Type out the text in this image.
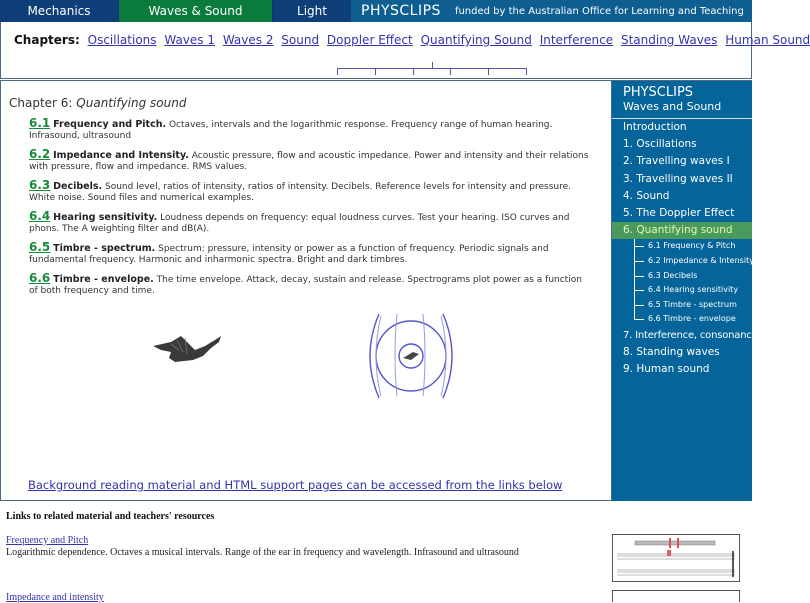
Mechanics	Waves & Sound	Light	PHYSCLIPS funded by the Australian Office for Learning and Teaching
Chapters: Oscillations Waves 1 Waves 2 Sound Doppler Effect Quantifying Sound Interference Standing Waves Human Sound
Chapter 6: Quantifying sound
6.1 Frequency and Pitch. Octaves, intervals and the logarithmic response. Frequency range of human hearing. Infrasound, ultrasound
6.2 Impedance and Intensity. Acoustic pressure, flow and acoustic impedance. Power and intensity and their relations with pressure, flow and impedance. RMS values.
6.3 Decibels. Sound level, ratios of intensity, ratios of intensity. Decibels. Reference levels for intensity and pressure. White noise. Sound files and numerical examples.
6.4 Hearing sensitivity. Loudness depends on frequency: equal loudness curves. Test your hearing. ISO curves and phons. The A weighting filter and dB(A).
6.5 Timbre - spectrum. Spectrum: pressure, intensity or power as a function of frequency. Periodic signals and fundamental frequency. Harmonic and inharmonic spectra. Bright and dark timbres.
6.6 Timbre - envelope. The time envelope. Attack, decay, sustain and release. Spectrograms plot power as a function of both frequency and time.
Background reading material and HTML support pages can be accessed from the links below
PHYSCLIPS
Waves and Sound
Introduction
1. Oscillations
2. Travelling waves I
3. Travelling waves II
4. Sound
5. The Doppler Effect
6. Quantifying sound
6.1 Frequency & Pitch
6.2 Impedance & Intensity
6.3 Decibels
6.4 Hearing sensitivity
6.5 Timbre - spectrum
6.6 Timbre - envelope
7. Interference, consonance
8. Standing waves
9. Human sound
Links to related material and teachers' resources
Frequency and Pitch
Logarithmic dependence. Octaves a musical intervals. Range of the ear in frequency and wavelength. Infrasound and ultrasound
Impedance and intensity
